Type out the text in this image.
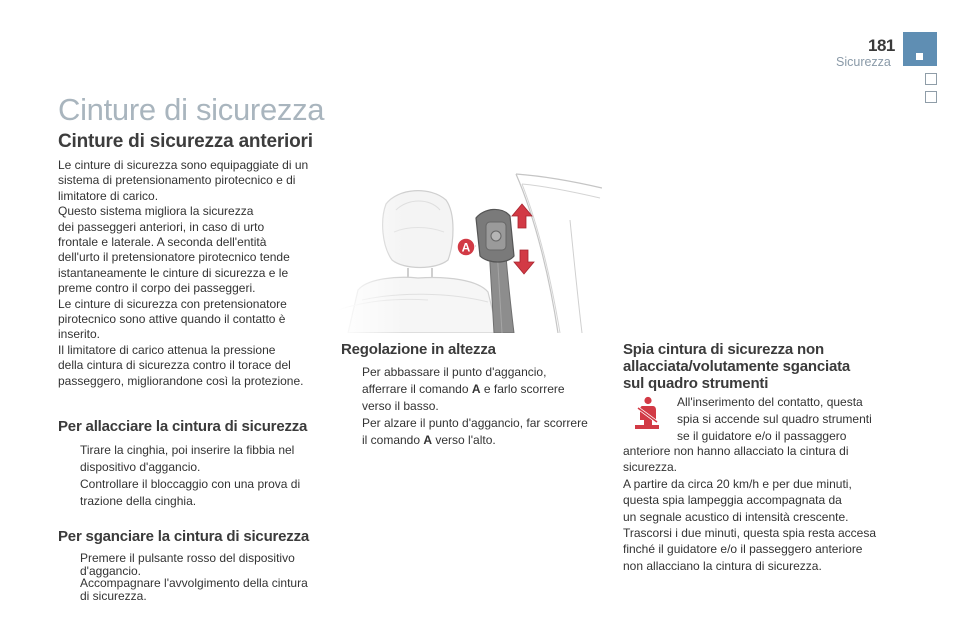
181
Sicurezza
Cinture di sicurezza
Cinture di sicurezza anteriori
Le cinture di sicurezza sono equipaggiate di un
sistema di pretensionamento pirotecnico e di
limitatore di carico.
Questo sistema migliora la sicurezza
dei passeggeri anteriori, in caso di urto
frontale e laterale. A seconda dell'entità
dell'urto il pretensionatore pirotecnico tende
istantaneamente le cinture di sicurezza e le
preme contro il corpo dei passeggeri.
Le cinture di sicurezza con pretensionatore
pirotecnico sono attive quando il contatto è
inserito.
Il limitatore di carico attenua la pressione
della cintura di sicurezza contro il torace del
passeggero, migliorandone così la protezione.
Per allacciare la cintura di sicurezza
Tirare la cinghia, poi inserire la fibbia nel
dispositivo d'aggancio.
Controllare il bloccaggio con una prova di
trazione della cinghia.
Per sganciare la cintura di sicurezza
Premere il pulsante rosso del dispositivo
d'aggancio.
Accompagnare l'avvolgimento della cintura
di sicurezza.
A
Regolazione in altezza
Per abbassare il punto d'aggancio,
afferrare il comando A e farlo scorrere
verso il basso.
Per alzare il punto d'aggancio, far scorrere
il comando A verso l'alto.
Spia cintura di sicurezza non
allacciata/volutamente sganciata
sul quadro strumenti
All'inserimento del contatto, questa
spia si accende sul quadro strumenti
se il guidatore e/o il passaggero
anteriore non hanno allacciato la cintura di
sicurezza.
A partire da circa 20 km/h e per due minuti,
questa spia lampeggia accompagnata da
un segnale acustico di intensità crescente.
Trascorsi i due minuti, questa spia resta accesa
finché il guidatore e/o il passeggero anteriore
non allacciano la cintura di sicurezza.
